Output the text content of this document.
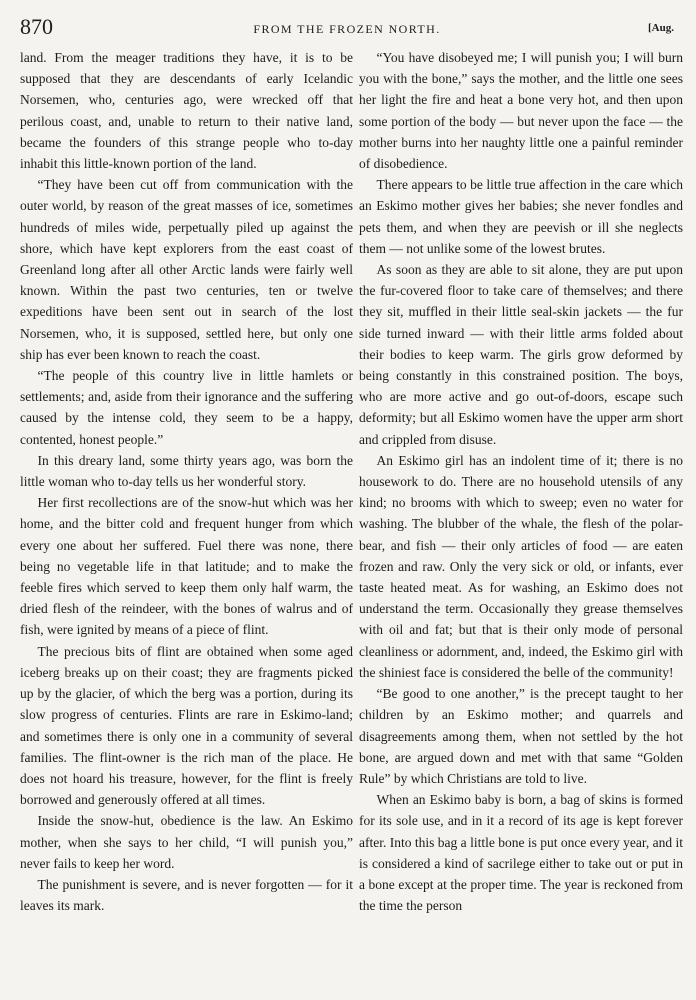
870	FROM THE FROZEN NORTH.	[Aug.

land. From the meager traditions they have, it is to be supposed that they are descendants of early Icelandic Norsemen, who, centuries ago, were wrecked off that perilous coast, and, unable to return to their native land, became the founders of this strange people who to-day inhabit this little-known portion of the land.

“They have been cut off from communication with the outer world, by reason of the great masses of ice, sometimes hundreds of miles wide, perpetually piled up against the shore, which have kept explorers from the east coast of Greenland long after all other Arctic lands were fairly well known. Within the past two centuries, ten or twelve expeditions have been sent out in search of the lost Norsemen, who, it is supposed, settled here, but only one ship has ever been known to reach the coast.

“The people of this country live in little hamlets or settlements; and, aside from their ignorance and the suffering caused by the intense cold, they seem to be a happy, contented, honest people.”

In this dreary land, some thirty years ago, was born the little woman who to-day tells us her wonderful story.

Her first recollections are of the snow-hut which was her home, and the bitter cold and frequent hunger from which every one about her suffered. Fuel there was none, there being no vegetable life in that latitude; and to make the feeble fires which served to keep them only half warm, the dried flesh of the reindeer, with the bones of walrus and of fish, were ignited by means of a piece of flint.

The precious bits of flint are obtained when some aged iceberg breaks up on their coast; they are fragments picked up by the glacier, of which the berg was a portion, during its slow progress of centuries. Flints are rare in Eskimo-land; and sometimes there is only one in a community of several families. The flint-owner is the rich man of the place. He does not hoard his treasure, however, for the flint is freely borrowed and generously offered at all times.

Inside the snow-hut, obedience is the law. An Eskimo mother, when she says to her child, “I will punish you,” never fails to keep her word.

The punishment is severe, and is never forgotten — for it leaves its mark.

“You have disobeyed me; I will punish you; I will burn you with the bone,” says the mother, and the little one sees her light the fire and heat a bone very hot, and then upon some portion of the body — but never upon the face — the mother burns into her naughty little one a painful reminder of disobedience.

There appears to be little true affection in the care which an Eskimo mother gives her babies; she never fondles and pets them, and when they are peevish or ill she neglects them — not unlike some of the lowest brutes.

As soon as they are able to sit alone, they are put upon the fur-covered floor to take care of themselves; and there they sit, muffled in their little seal-skin jackets — the fur side turned inward — with their little arms folded about their bodies to keep warm. The girls grow deformed by being constantly in this constrained position. The boys, who are more active and go out-of-doors, escape such deformity; but all Eskimo women have the upper arm short and crippled from disuse.

An Eskimo girl has an indolent time of it; there is no housework to do. There are no household utensils of any kind; no brooms with which to sweep; even no water for washing. The blubber of the whale, the flesh of the polar-bear, and fish — their only articles of food — are eaten frozen and raw. Only the very sick or old, or infants, ever taste heated meat. As for washing, an Eskimo does not understand the term. Occasionally they grease themselves with oil and fat; but that is their only mode of personal cleanliness or adornment, and, indeed, the Eskimo girl with the shiniest face is considered the belle of the community!

“Be good to one another,” is the precept taught to her children by an Eskimo mother; and quarrels and disagreements among them, when not settled by the hot bone, are argued down and met with that same “Golden Rule” by which Christians are told to live.

When an Eskimo baby is born, a bag of skins is formed for its sole use, and in it a record of its age is kept forever after. Into this bag a little bone is put once every year, and it is considered a kind of sacrilege either to take out or put in a bone except at the proper time. The year is reckoned from the time the person
